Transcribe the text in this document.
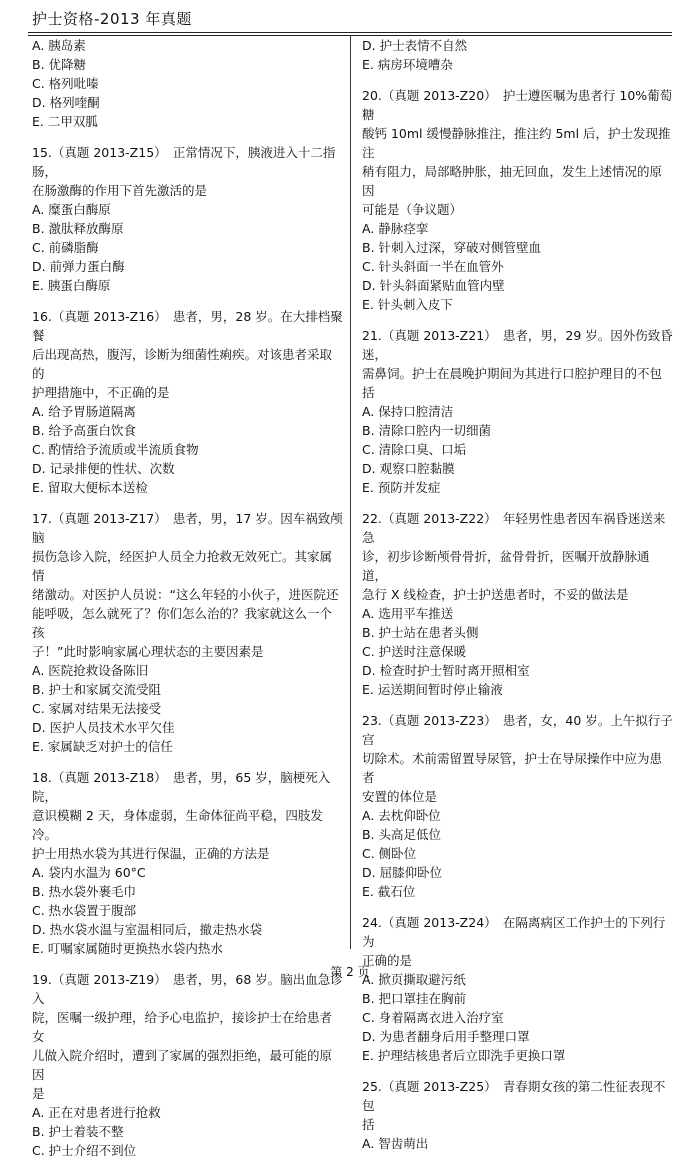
护士资格-2013 年真题
A. 胰岛素
B. 优降糖
C. 格列吡嗪
D. 格列喹酮
E. 二甲双胍
15.（真题 2013-Z15）　正常情况下，胰液进入十二指肠，
在肠激酶的作用下首先激活的是
A. 糜蛋白酶原
B. 激肽释放酶原
C. 前磷脂酶
D. 前弹力蛋白酶
E. 胰蛋白酶原
16.（真题 2013-Z16）　患者，男，28 岁。在大排档聚餐
后出现高热，腹泻，诊断为细菌性痢疾。对该患者采取的
护理措施中，不正确的是
A. 给予胃肠道隔离
B. 给予高蛋白饮食
C. 酌情给予流质或半流质食物
D. 记录排便的性状、次数
E. 留取大便标本送检
17.（真题 2013-Z17）　患者，男，17 岁。因车祸致颅脑
损伤急诊入院，经医护人员全力抢救无效死亡。其家属情
绪激动。对医护人员说：“这么年轻的小伙子，进医院还
能呼吸，怎么就死了？你们怎么治的？我家就这么一个孩
子！”此时影响家属心理状态的主要因素是
A. 医院抢救设备陈旧
B. 护士和家属交流受阻
C. 家属对结果无法接受
D. 医护人员技术水平欠佳
E. 家属缺乏对护士的信任
18.（真题 2013-Z18）　患者，男，65 岁，脑梗死入院，
意识模糊 2 天，身体虚弱，生命体征尚平稳，四肢发冷。
护士用热水袋为其进行保温，正确的方法是
A. 袋内水温为 60°C
B. 热水袋外裹毛巾
C. 热水袋置于腹部
D. 热水袋水温与室温相同后，撤走热水袋
E. 叮嘱家属随时更换热水袋内热水
19.（真题 2013-Z19）　患者，男，68 岁。脑出血急诊入
院，医嘱一级护理，给予心电监护，接诊护士在给患者女
儿做入院介绍时，遭到了家属的强烈拒绝，最可能的原因
是
A. 正在对患者进行抢救
B. 护士着装不整
C. 护士介绍不到位
D. 护士表情不自然
E. 病房环境嘈杂
20.（真题 2013-Z20）　护士遵医嘱为患者行 10%葡萄糖
酸钙 10ml 缓慢静脉推注，推注约 5ml 后，护士发现推注
稍有阻力，局部略肿胀，抽无回血，发生上述情况的原因
可能是（争议题）
A. 静脉痉挛
B. 针刺入过深，穿破对侧管壁血
C. 针头斜面一半在血管外
D. 针头斜面紧贴血管内壁
E. 针头刺入皮下
21.（真题 2013-Z21）　患者，男，29 岁。因外伤致昏迷，
需鼻饲。护士在晨晚护期间为其进行口腔护理目的不包括
A. 保持口腔清洁
B. 清除口腔内一切细菌
C. 清除口臭、口垢
D. 观察口腔黏膜
E. 预防并发症
22.（真题 2013-Z22）　年轻男性患者因车祸昏迷送来急
诊，初步诊断颅骨骨折，盆骨骨折，医嘱开放静脉通道，
急行 X 线检查，护士护送患者时，不妥的做法是
A. 选用平车推送
B. 护士站在患者头侧
C. 护送时注意保暖
D. 检查时护士暂时离开照相室
E. 运送期间暂时停止输液
23.（真题 2013-Z23）　患者，女，40 岁。上午拟行子宫
切除术。术前需留置导尿管，护士在导尿操作中应为患者
安置的体位是
A. 去枕仰卧位
B. 头高足低位
C. 侧卧位
D. 屈膝仰卧位
E. 截石位
24.（真题 2013-Z24）　在隔离病区工作护士的下列行为
正确的是
A. 掀页撕取避污纸
B. 把口罩挂在胸前
C. 身着隔离衣进入治疗室
D. 为患者翻身后用手整理口罩
E. 护理结核患者后立即洗手更换口罩
25.（真题 2013-Z25）　青春期女孩的第二性征表现不包
括
A. 智齿萌出
第 2 页
